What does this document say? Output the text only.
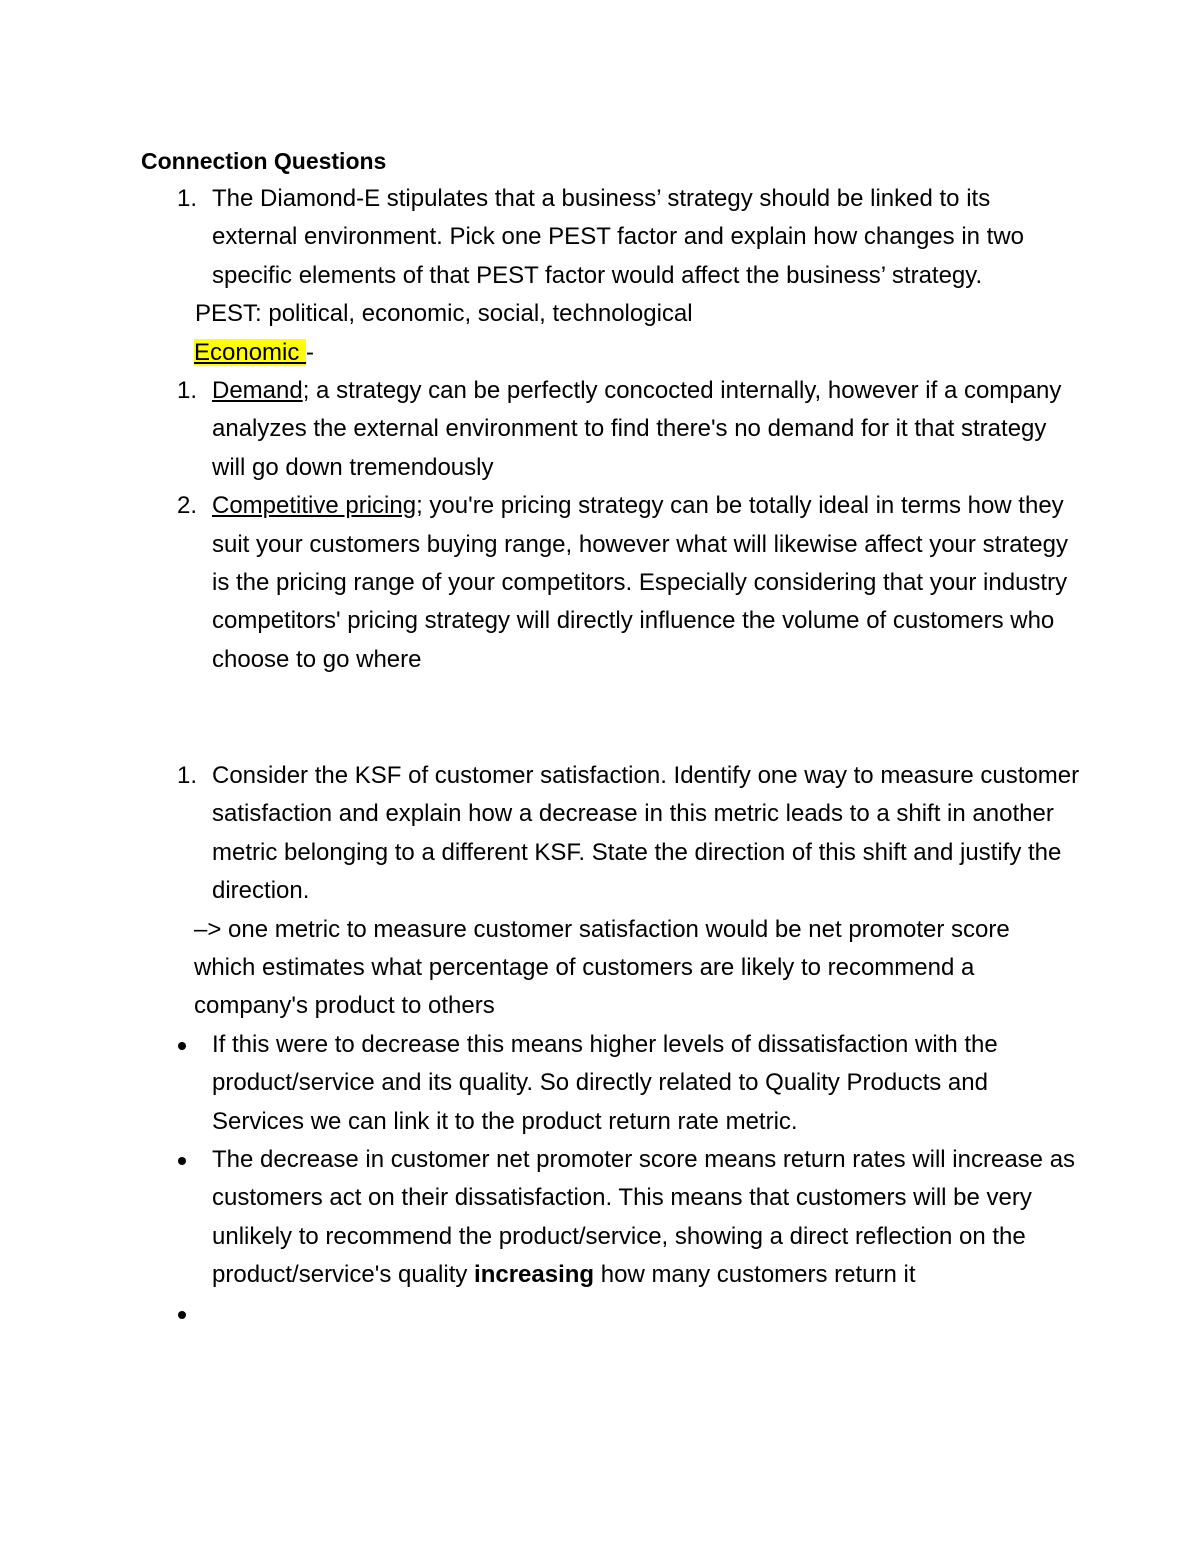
Connection Questions
1. The Diamond-E stipulates that a business’ strategy should be linked to its external environment. Pick one PEST factor and explain how changes in two specific elements of that PEST factor would affect the business’ strategy.
PEST: political, economic, social, technological
Economic -
1. Demand; a strategy can be perfectly concocted internally, however if a company analyzes the external environment to find there's no demand for it that strategy will go down tremendously
2. Competitive pricing; you're pricing strategy can be totally ideal in terms how they suit your customers buying range, however what will likewise affect your strategy is the pricing range of your competitors. Especially considering that your industry competitors' pricing strategy will directly influence the volume of customers who choose to go where
1. Consider the KSF of customer satisfaction. Identify one way to measure customer satisfaction and explain how a decrease in this metric leads to a shift in another metric belonging to a different KSF. State the direction of this shift and justify the direction.
–> one metric to measure customer satisfaction would be net promoter score which estimates what percentage of customers are likely to recommend a company's product to others
If this were to decrease this means higher levels of dissatisfaction with the product/service and its quality. So directly related to Quality Products and Services we can link it to the product return rate metric.
The decrease in customer net promoter score means return rates will increase as customers act on their dissatisfaction. This means that customers will be very unlikely to recommend the product/service, showing a direct reflection on the product/service's quality increasing how many customers return it
